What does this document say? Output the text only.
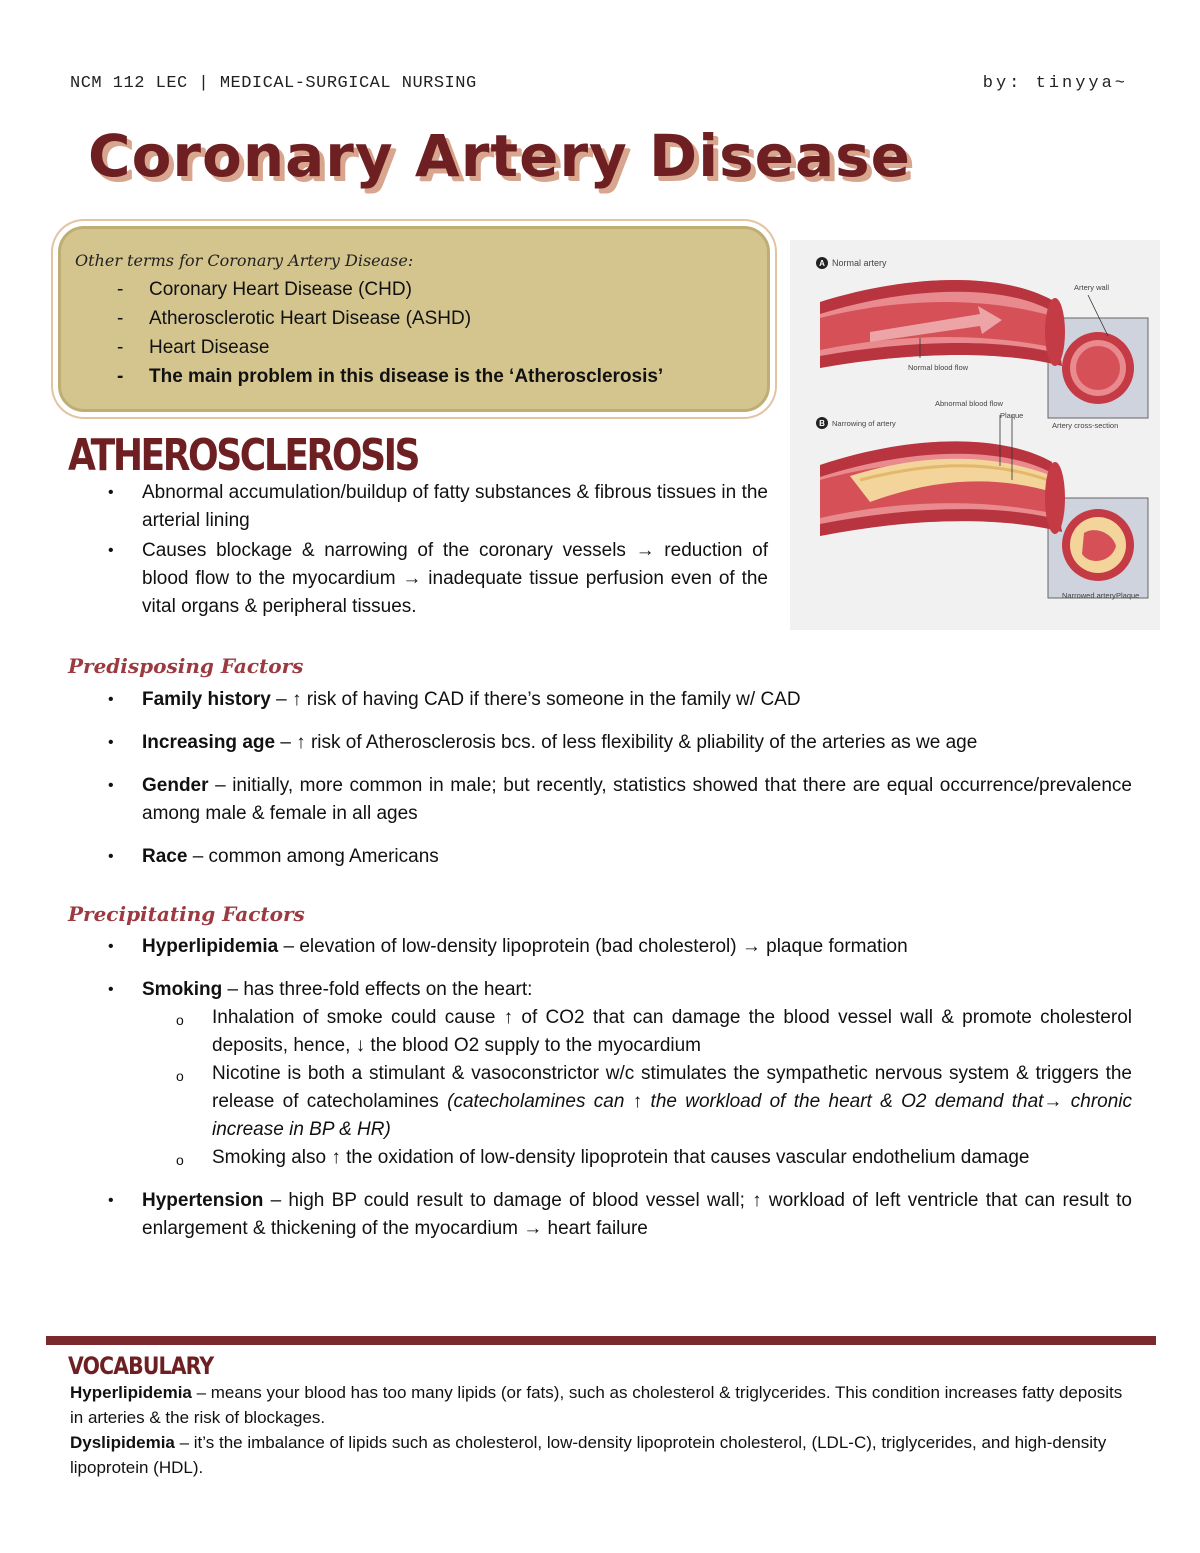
NCM 112 LEC | MEDICAL-SURGICAL NURSING	by: tinyya~
Coronary Artery Disease
Other terms for Coronary Artery Disease:
- Coronary Heart Disease (CHD)
- Atherosclerotic Heart Disease (ASHD)
- Heart Disease
- The main problem in this disease is the ‘Atherosclerosis’
A Normal artery
Artery wall
Normal blood flow
Artery cross-section
B Narrowing of artery
Abnormal blood flow
Plaque
Narrowed artery Plaque
ATHEROSCLEROSIS
• Abnormal accumulation/buildup of fatty substances & fibrous tissues in the arterial lining
• Causes blockage & narrowing of the coronary vessels → reduction of blood flow to the myocardium → inadequate tissue perfusion even of the vital organs & peripheral tissues.
Predisposing Factors
• Family history – ↑ risk of having CAD if there’s someone in the family w/ CAD
• Increasing age – ↑ risk of Atherosclerosis bcs. of less flexibility & pliability of the arteries as we age
• Gender – initially, more common in male; but recently, statistics showed that there are equal occurrence/prevalence among male & female in all ages
• Race – common among Americans
Precipitating Factors
• Hyperlipidemia – elevation of low-density lipoprotein (bad cholesterol) → plaque formation
• Smoking – has three-fold effects on the heart:
o Inhalation of smoke could cause ↑ of CO2 that can damage the blood vessel wall & promote cholesterol deposits, hence, ↓ the blood O2 supply to the myocardium
o Nicotine is both a stimulant & vasoconstrictor w/c stimulates the sympathetic nervous system & triggers the release of catecholamines (catecholamines can ↑ the workload of the heart & O2 demand that→ chronic increase in BP & HR)
o Smoking also ↑ the oxidation of low-density lipoprotein that causes vascular endothelium damage
• Hypertension – high BP could result to damage of blood vessel wall; ↑ workload of left ventricle that can result to enlargement & thickening of the myocardium → heart failure
VOCABULARY

Hyperlipidemia – means your blood has too many lipids (or fats), such as cholesterol & triglycerides. This condition increases fatty deposits in arteries & the risk of blockages.

Dyslipidemia – it’s the imbalance of lipids such as cholesterol, low-density lipoprotein cholesterol, (LDL-C), triglycerides, and high-density lipoprotein (HDL).
